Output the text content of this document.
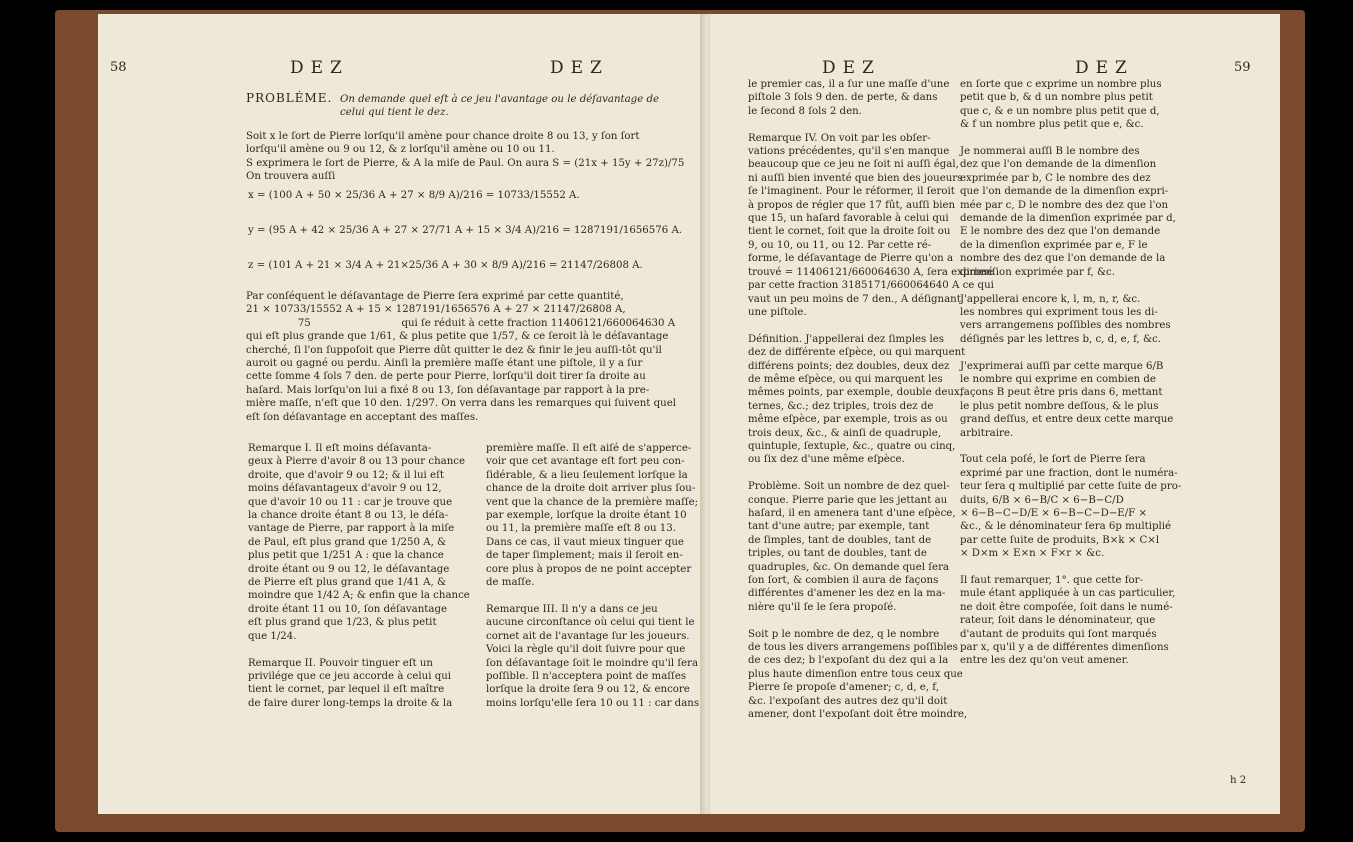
58	DEZ	DEZ
PROBLÉME. On demande quel eſt à ce jeu l'avantage ou le déſavantage de
celui qui tient le dez.
Soit x le ſort de Pierre lorſqu'il amène pour chance droite 8 ou 13, y ſon ſort
lorſqu'il amène ou 9 ou 12, & z lorſqu'il amène ou 10 ou 11.
S exprimera le ſort de Pierre, & A la miſe de Paul. On aura S = (21x + 15y + 27z)/75
On trouvera auſſi
x = (100 A + 50 × 25/36 A + 27 × 8/9 A)/216 = 10733/15552 A.
y = (95 A + 42 × 25/36 A + 27 × 27/71 A + 15 × 3/4 A)/216 = 1287191/1656576 A.
z = (101 A + 21 × 3/4 A + 21×25/36 A + 30 × 8/9 A)/216 = 21147/26808 A.
Par conſéquent le déſavantage de Pierre ſera exprimé par cette quantité,
21 × 10733/15552 A + 15 × 1287191/1656576 A + 27 × 21147/26808 A,
75                            qui ſe réduit à cette fraction 11406121/660064630 A
qui eſt plus grande que 1/61, & plus petite que 1/57, & ce ſeroit là le déſavantage
cherché, ſi l'on ſuppoſoit que Pierre dût quitter le dez & finir le jeu auſſi-tôt qu'il
auroit ou gagné ou perdu. Ainſi la première maſſe étant une piſtole, il y a ſur
cette ſomme 4 ſols 7 den. de perte pour Pierre, lorſqu'il doit tirer ſa droite au
haſard. Mais lorſqu'on lui a fixé 8 ou 13, ſon déſavantage par rapport à la pre-
mière maſſe, n'eſt que 10 den. 1/297. On verra dans les remarques qui ſuivent quel
eſt ſon déſavantage en acceptant des maſſes.
Remarque I. Il eſt moins déſavanta-
geux à Pierre d'avoir 8 ou 13 pour chance
droite, que d'avoir 9 ou 12; & il lui eſt
moins déſavantageux d'avoir 9 ou 12,
que d'avoir 10 ou 11 : car je trouve que
la chance droite étant 8 ou 13, le déſa-
vantage de Pierre, par rapport à la miſe
de Paul, eſt plus grand que 1/250 A, &
plus petit que 1/251 A : que la chance
droite étant ou 9 ou 12, le déſavantage
de Pierre eſt plus grand que 1/41 A, &
moindre que 1/42 A; & enfin que la chance
droite étant 11 ou 10, ſon déſavantage
eſt plus grand que 1/23, & plus petit
que 1/24.

Remarque II. Pouvoir tinguer eſt un
privilége que ce jeu accorde à celui qui
tient le cornet, par lequel il eſt maître
de faire durer long-temps la droite & la
première maſſe. Il eſt aiſé de s'apperce-
voir que cet avantage eſt fort peu con-
ſidérable, & a lieu ſeulement lorſque la
chance de la droite doit arriver plus ſou-
vent que la chance de la première maſſe;
par exemple, lorſque la droite étant 10
ou 11, la première maſſe eſt 8 ou 13.
Dans ce cas, il vaut mieux tinguer que
de taper ſimplement; mais il ſeroit en-
core plus à propos de ne point accepter
de maſſe.

Remarque III. Il n'y a dans ce jeu
aucune circonſtance où celui qui tient le
cornet ait de l'avantage ſur les joueurs.
Voici la règle qu'il doit ſuivre pour que
ſon déſavantage ſoit le moindre qu'il ſera
poſſible. Il n'acceptera point de maſſes
lorſque la droite ſera 9 ou 12, & encore
moins lorſqu'elle ſera 10 ou 11 : car dans
DEZ	DEZ	59
le premier cas, il a ſur une maſſe d'une
piſtole 3 ſols 9 den. de perte, & dans
le ſecond 8 ſols 2 den.

Remarque IV. On voit par les obſer-
vations précédentes, qu'il s'en manque
beaucoup que ce jeu ne ſoit ni auſſi égal,
ni auſſi bien inventé que bien des joueurs
ſe l'imaginent. Pour le réformer, il ſeroit
à propos de régler que 17 fût, auſſi bien
que 15, un haſard favorable à celui qui
tient le cornet, ſoit que la droite ſoit ou
9, ou 10, ou 11, ou 12. Par cette ré-
forme, le déſavantage de Pierre qu'on a
trouvé = 11406121/660064630 A, ſera exprimé
par cette fraction 3185171/660064640 A ce qui
vaut un peu moins de 7 den., A déſignant
une piſtole.

Définition. J'appellerai dez ſimples les
dez de différente eſpèce, ou qui marquent
différens points; dez doubles, deux dez
de même eſpèce, ou qui marquent les
mêmes points, par exemple, double deux,
ternes, &c.; dez triples, trois dez de
même eſpèce, par exemple, trois as ou
trois deux, &c., & ainſi de quadruple,
quintuple, ſextuple, &c., quatre ou cinq,
ou ſix dez d'une même eſpèce.

Problème. Soit un nombre de dez quel-
conque. Pierre parie que les jettant au
haſard, il en amenera tant d'une eſpèce,
tant d'une autre; par exemple, tant
de ſimples, tant de doubles, tant de
triples, ou tant de doubles, tant de
quadruples, &c. On demande quel ſera
ſon ſort, & combien il aura de façons
différentes d'amener les dez en la ma-
nière qu'il ſe le ſera propoſé.

Soit p le nombre de dez, q le nombre
de tous les divers arrangemens poſſibles
de ces dez; b l'expoſant du dez qui a la
plus haute dimenſion entre tous ceux que
Pierre ſe propoſe d'amener; c, d, e, f,
&c. l'expoſant des autres dez qu'il doit
amener, dont l'expoſant doit être moindre,
en ſorte que c exprime un nombre plus
petit que b, & d un nombre plus petit
que c, & e un nombre plus petit que d,
& f un nombre plus petit que e, &c.

Je nommerai auſſi B le nombre des
dez que l'on demande de la dimenſion
exprimée par b, C le nombre des dez
que l'on demande de la dimenſion expri-
mée par c, D le nombre des dez que l'on
demande de la dimenſion exprimée par d,
E le nombre des dez que l'on demande
de la dimenſion exprimée par e, F le
nombre des dez que l'on demande de la
dimenſion exprimée par f, &c.

J'appellerai encore k, l, m, n, r, &c.
les nombres qui expriment tous les di-
vers arrangemens poſſibles des nombres
déſignés par les lettres b, c, d, e, f, &c.

J'exprimerai auſſi par cette marque 6/B
le nombre qui exprime en combien de
façons B peut être pris dans 6, mettant
le plus petit nombre deſſous, & le plus
grand deſſus, et entre deux cette marque
arbitraire.

Tout cela poſé, le ſort de Pierre ſera
exprimé par une fraction, dont le numéra-
teur ſera q multiplié par cette ſuite de pro-
duits, 6/B × 6−B/C × 6−B−C/D
× 6−B−C−D/E × 6−B−C−D−E/F ×
&c., & le dénominateur ſera 6p multiplié
par cette ſuite de produits, B×k × C×l
× D×m × E×n × F×r × &c.

Il faut remarquer, 1°. que cette for-
mule étant appliquée à un cas particulier,
ne doit être compoſée, ſoit dans le numé-
rateur, ſoit dans le dénominateur, que
d'autant de produits qui ſont marqués
par x, qu'il y a de différentes dimenſions
entre les dez qu'on veut amener.
h 2
